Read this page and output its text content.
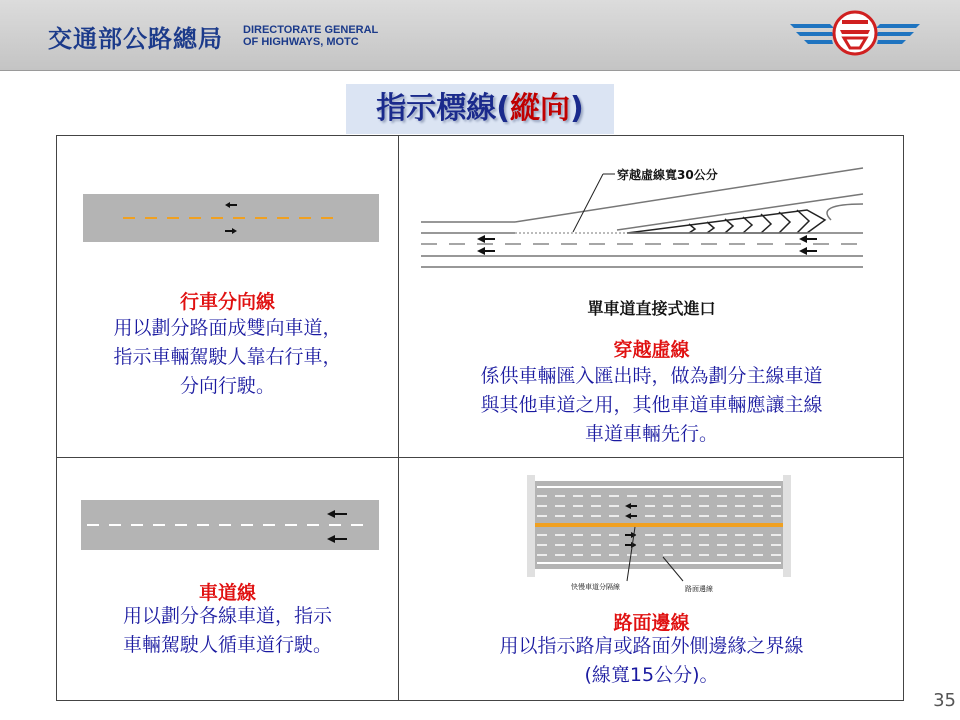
交通部公路總局 DIRECTORATE GENERAL
OF HIGHWAYS, MOTC
指示標線(縱向)
行車分向線
用以劃分路面成雙向車道，
指示車輛駕駛人靠右行車，
分向行駛。
穿越虛線寬30公分
單車道直接式進口
穿越虛線
係供車輛匯入匯出時，做為劃分主線車道
與其他車道之用，其他車道車輛應讓主線
車道車輛先行。
車道線
用以劃分各線車道，指示
車輛駕駛人循車道行駛。
快慢車道分隔線	路面邊線
路面邊線
用以指示路肩或路面外側邊緣之界線
(線寬15公分)。
35
